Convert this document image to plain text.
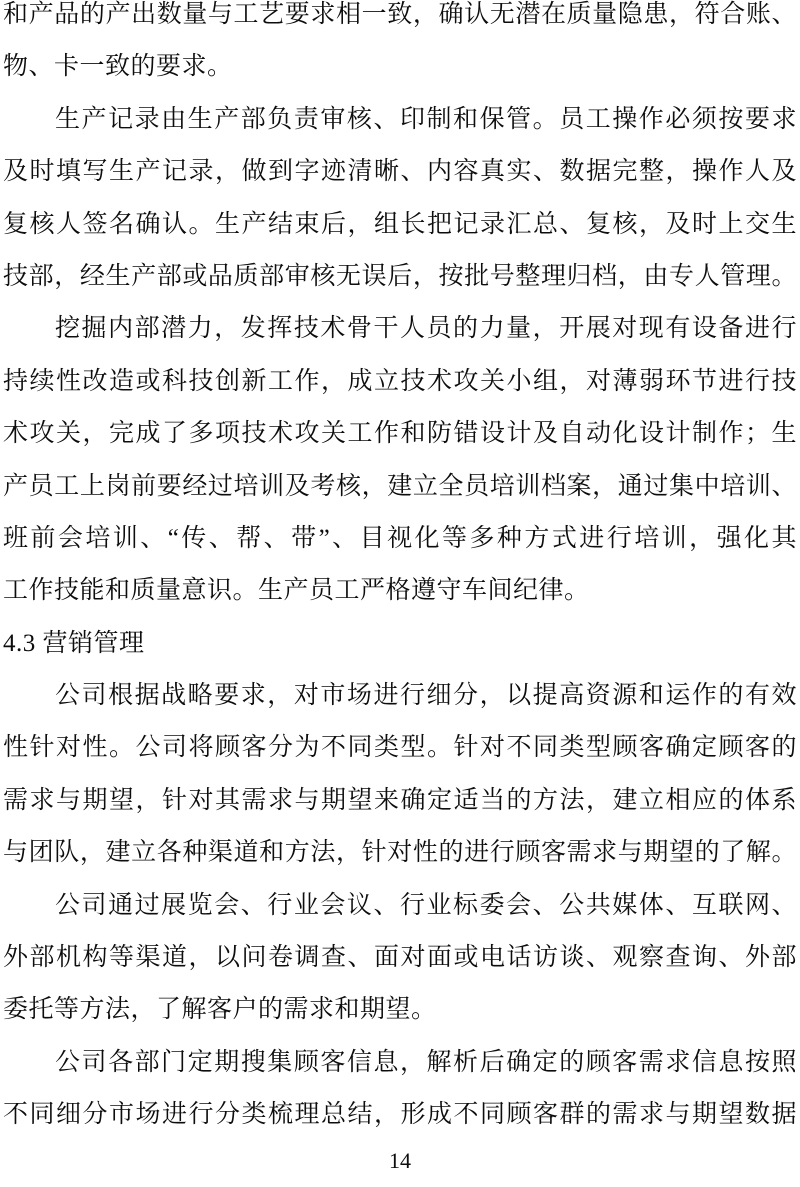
和产品的产出数量与工艺要求相一致，确认无潜在质量隐患，符合账、
物、卡一致的要求。
生产记录由生产部负责审核、印制和保管。员工操作必须按要求
及时填写生产记录，做到字迹清晰、内容真实、数据完整，操作人及
复核人签名确认。生产结束后，组长把记录汇总、复核，及时上交生
技部，经生产部或品质部审核无误后，按批号整理归档，由专人管理。
挖掘内部潜力，发挥技术骨干人员的力量，开展对现有设备进行
持续性改造或科技创新工作，成立技术攻关小组，对薄弱环节进行技
术攻关，完成了多项技术攻关工作和防错设计及自动化设计制作；生
产员工上岗前要经过培训及考核，建立全员培训档案，通过集中培训、
班前会培训、“传、帮、带”、目视化等多种方式进行培训，强化其
工作技能和质量意识。生产员工严格遵守车间纪律。
4.3 营销管理
公司根据战略要求，对市场进行细分，以提高资源和运作的有效
性针对性。公司将顾客分为不同类型。针对不同类型顾客确定顾客的
需求与期望，针对其需求与期望来确定适当的方法，建立相应的体系
与团队，建立各种渠道和方法，针对性的进行顾客需求与期望的了解。
公司通过展览会、行业会议、行业标委会、公共媒体、互联网、
外部机构等渠道，以问卷调查、面对面或电话访谈、观察查询、外部
委托等方法，了解客户的需求和期望。
公司各部门定期搜集顾客信息，解析后确定的顾客需求信息按照
不同细分市场进行分类梳理总结，形成不同顾客群的需求与期望数据
14
